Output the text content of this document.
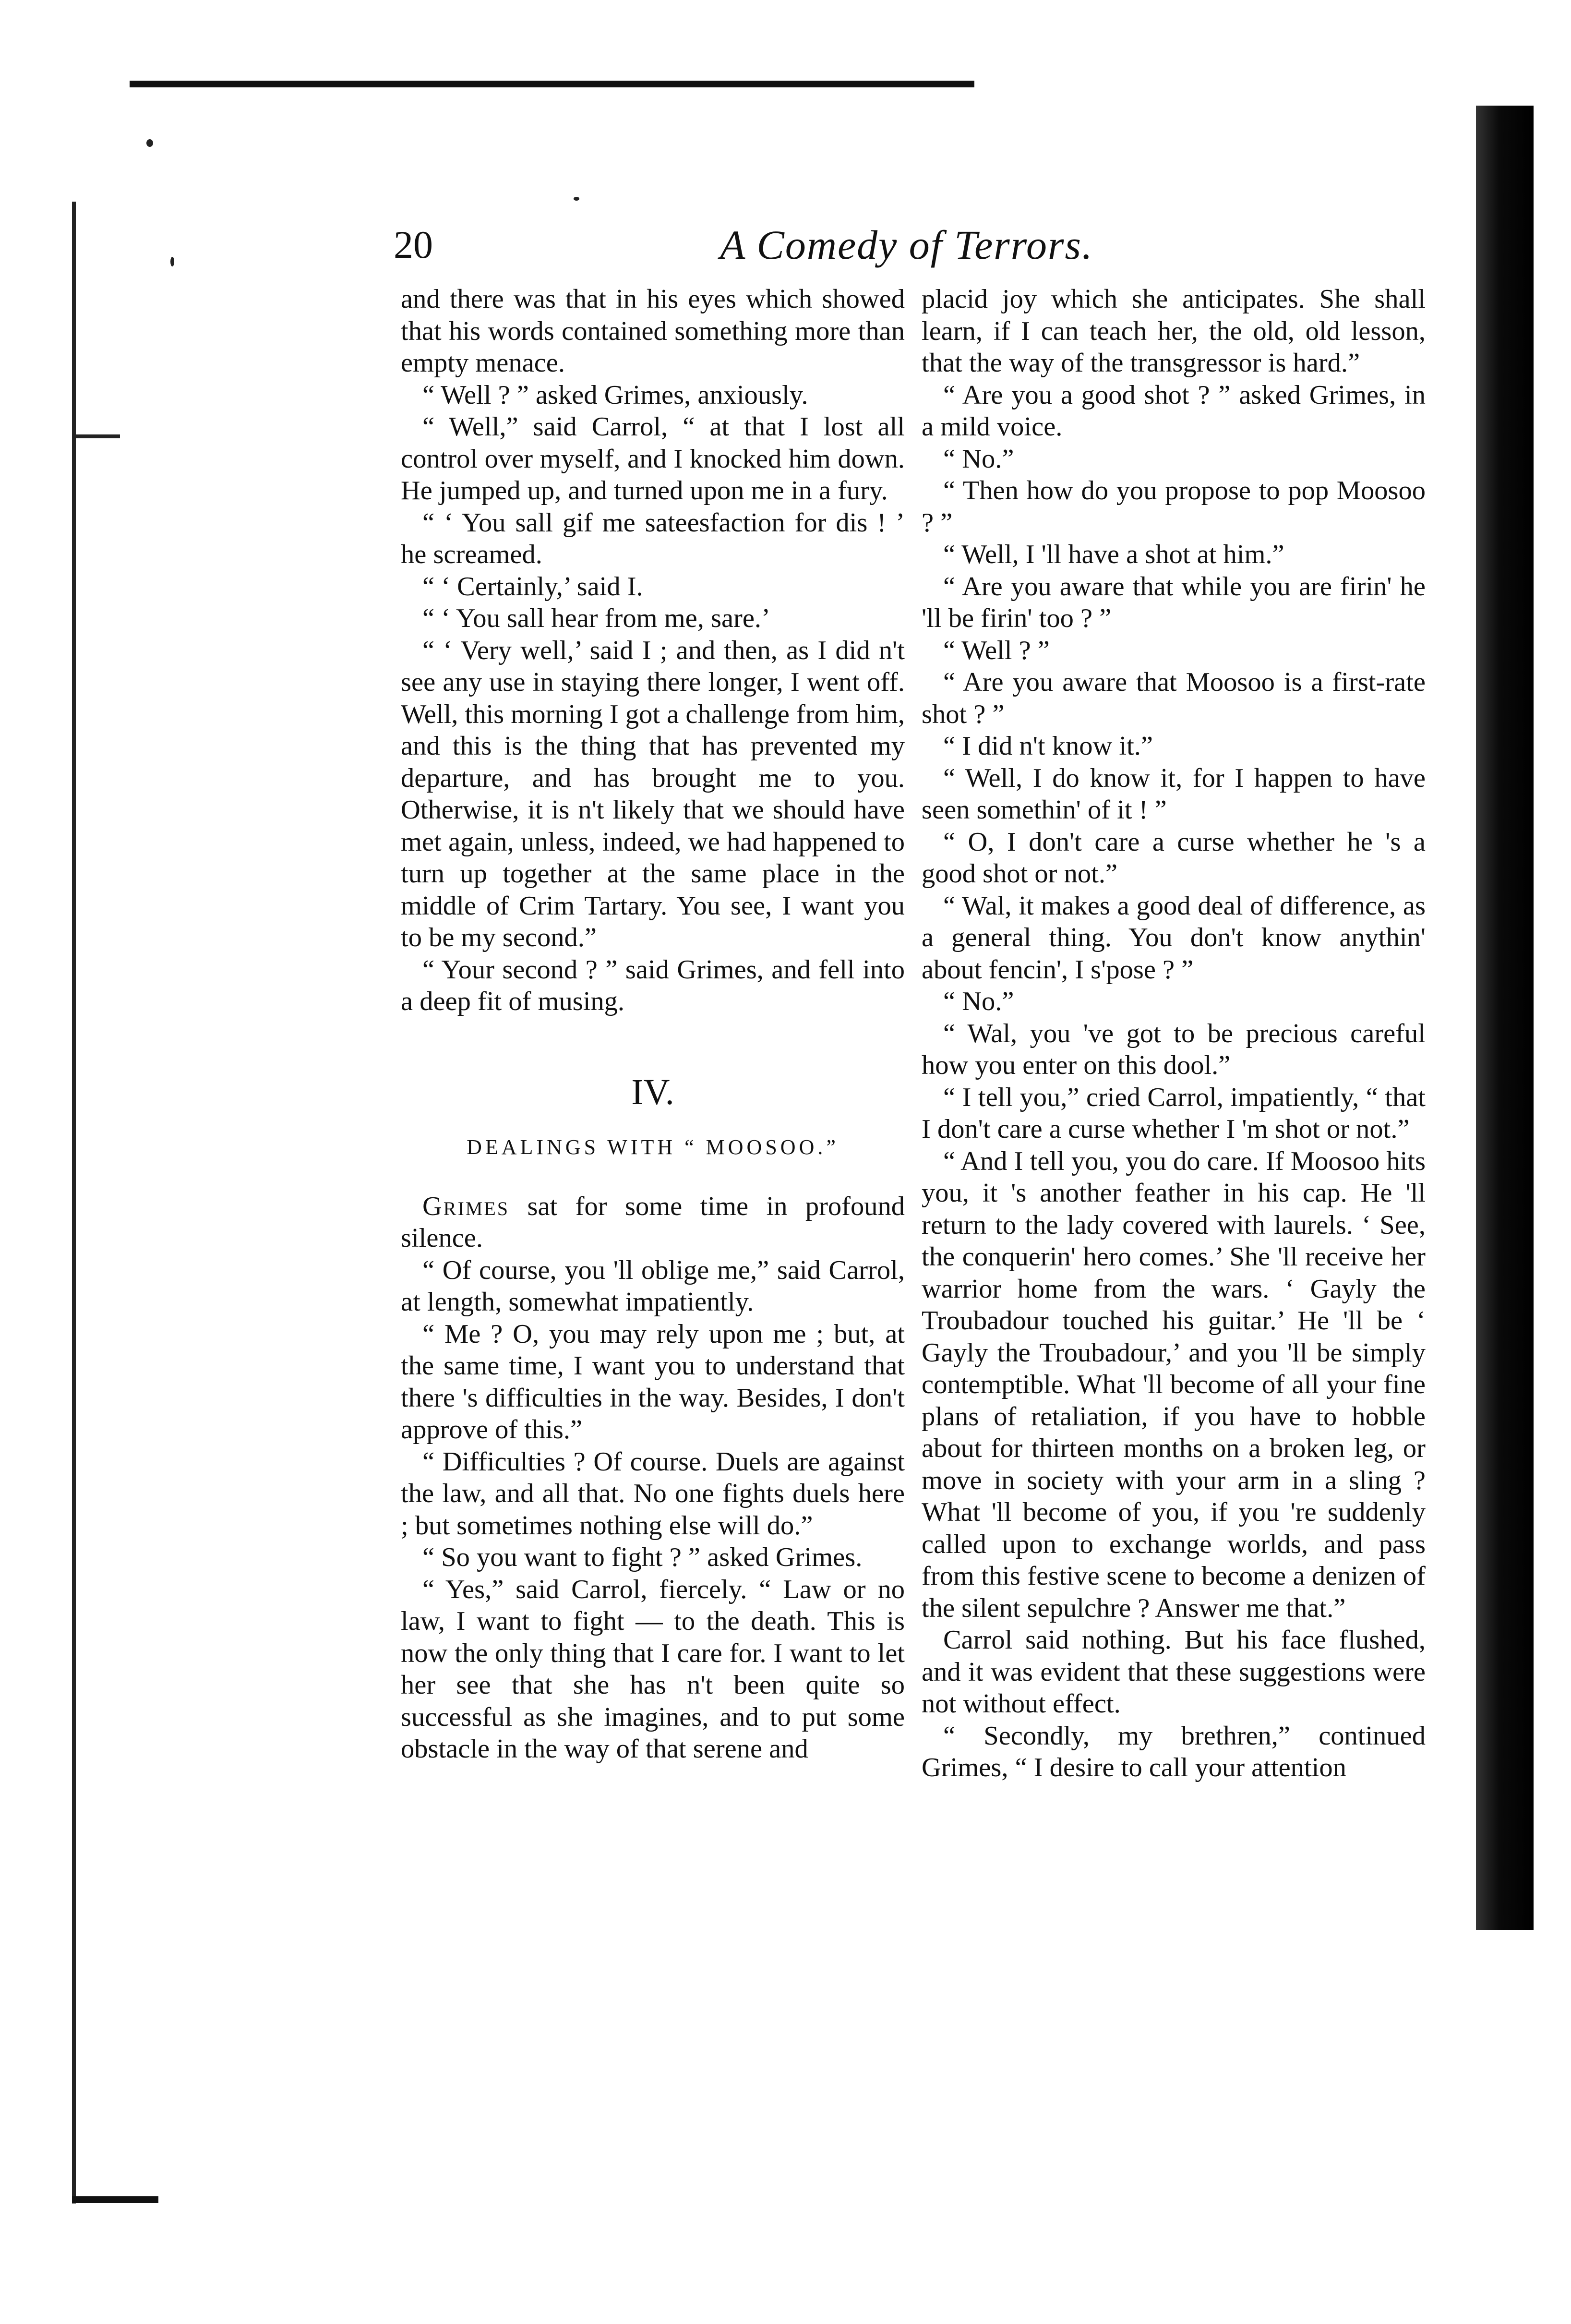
20	A Comedy of Terrors.

and there was that in his eyes which showed that his words contained something more than empty menace.

“ Well ? ” asked Grimes, anxiously.

“ Well,” said Carrol, “ at that I lost all control over myself, and I knocked him down. He jumped up, and turned upon me in a fury.

“ ‘ You sall gif me sateesfaction for dis ! ’ he screamed.

“ ‘ Certainly,’ said I.

“ ‘ You sall hear from me, sare.’

“ ‘ Very well,’ said I ; and then, as I did n't see any use in staying there longer, I went off. Well, this morning I got a challenge from him, and this is the thing that has prevented my departure, and has brought me to you. Otherwise, it is n't likely that we should have met again, unless, indeed, we had happened to turn up together at the same place in the middle of Crim Tartary. You see, I want you to be my second.”

“ Your second ? ” said Grimes, and fell into a deep fit of musing.

IV.
DEALINGS WITH “ MOOSOO.”

Grimes sat for some time in profound silence.

“ Of course, you 'll oblige me,” said Carrol, at length, somewhat impatiently.

“ Me ? O, you may rely upon me ; but, at the same time, I want you to understand that there 's difficulties in the way. Besides, I don't approve of this.”

“ Difficulties ? Of course. Duels are against the law, and all that. No one fights duels here ; but sometimes nothing else will do.”

“ So you want to fight ? ” asked Grimes.

“ Yes,” said Carrol, fiercely. “ Law or no law, I want to fight — to the death. This is now the only thing that I care for. I want to let her see that she has n't been quite so successful as she imagines, and to put some obstacle in the way of that serene and

placid joy which she anticipates. She shall learn, if I can teach her, the old, old lesson, that the way of the transgressor is hard.”

“ Are you a good shot ? ” asked Grimes, in a mild voice.

“ No.”

“ Then how do you propose to pop Moosoo ? ”

“ Well, I 'll have a shot at him.”

“ Are you aware that while you are firin' he 'll be firin' too ? ”

“ Well ? ”

“ Are you aware that Moosoo is a first-rate shot ? ”

“ I did n't know it.”

“ Well, I do know it, for I happen to have seen somethin' of it ! ”

“ O, I don't care a curse whether he 's a good shot or not.”

“ Wal, it makes a good deal of difference, as a general thing. You don't know anythin' about fencin', I s'pose ? ”

“ No.”

“ Wal, you 've got to be precious careful how you enter on this dool.”

“ I tell you,” cried Carrol, impatiently, “ that I don't care a curse whether I 'm shot or not.”

“ And I tell you, you do care. If Moosoo hits you, it 's another feather in his cap. He 'll return to the lady covered with laurels. ‘ See, the conquerin' hero comes.’ She 'll receive her warrior home from the wars. ‘ Gayly the Troubadour touched his guitar.’ He 'll be ‘ Gayly the Troubadour,’ and you 'll be simply contemptible. What 'll become of all your fine plans of retaliation, if you have to hobble about for thirteen months on a broken leg, or move in society with your arm in a sling ? What 'll become of you, if you 're suddenly called upon to exchange worlds, and pass from this festive scene to become a denizen of the silent sepulchre ? Answer me that.”

Carrol said nothing. But his face flushed, and it was evident that these suggestions were not without effect.

“ Secondly, my brethren,” continued Grimes, “ I desire to call your attention
